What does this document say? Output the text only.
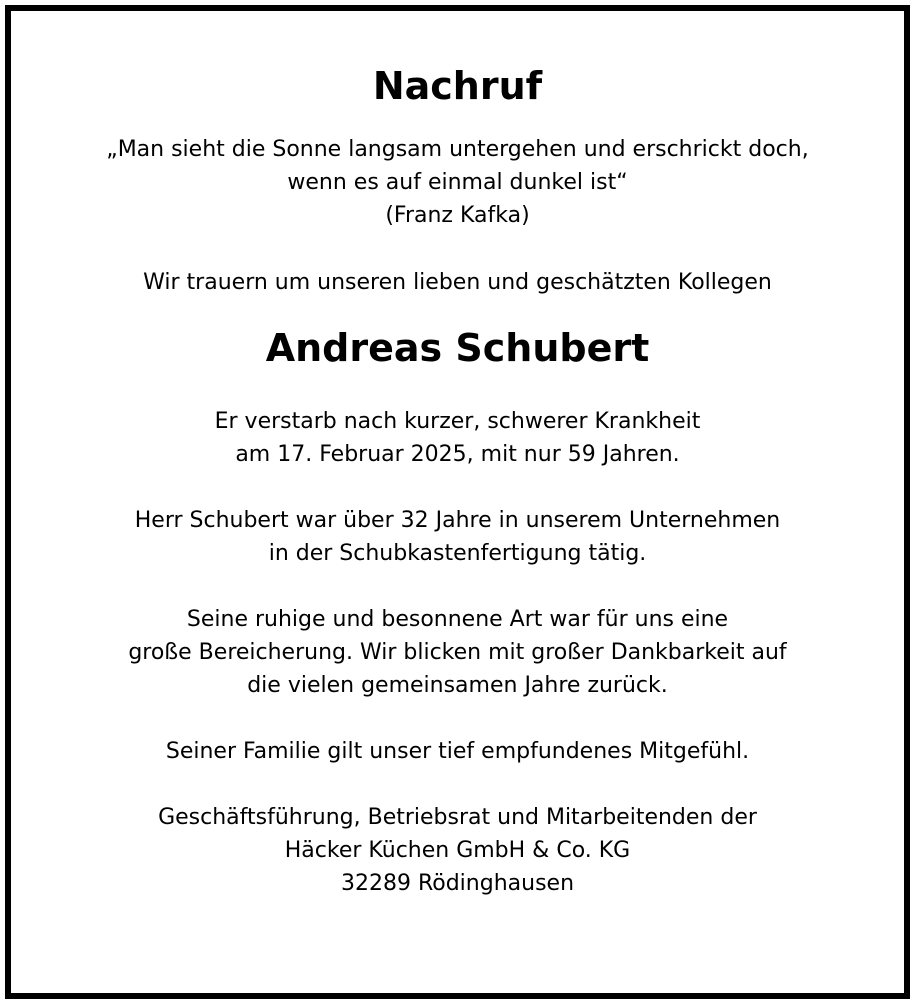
Nachruf
„Man sieht die Sonne langsam untergehen und erschrickt doch,
wenn es auf einmal dunkel ist“
(Franz Kafka)
Wir trauern um unseren lieben und geschätzten Kollegen
Andreas Schubert
Er verstarb nach kurzer, schwerer Krankheit
am 17. Februar 2025, mit nur 59 Jahren.
Herr Schubert war über 32 Jahre in unserem Unternehmen
in der Schubkastenfertigung tätig.
Seine ruhige und besonnene Art war für uns eine
große Bereicherung. Wir blicken mit großer Dankbarkeit auf
die vielen gemeinsamen Jahre zurück.
Seiner Familie gilt unser tief empfundenes Mitgefühl.
Geschäftsführung, Betriebsrat und Mitarbeitenden der
Häcker Küchen GmbH & Co. KG
32289 Rödinghausen
